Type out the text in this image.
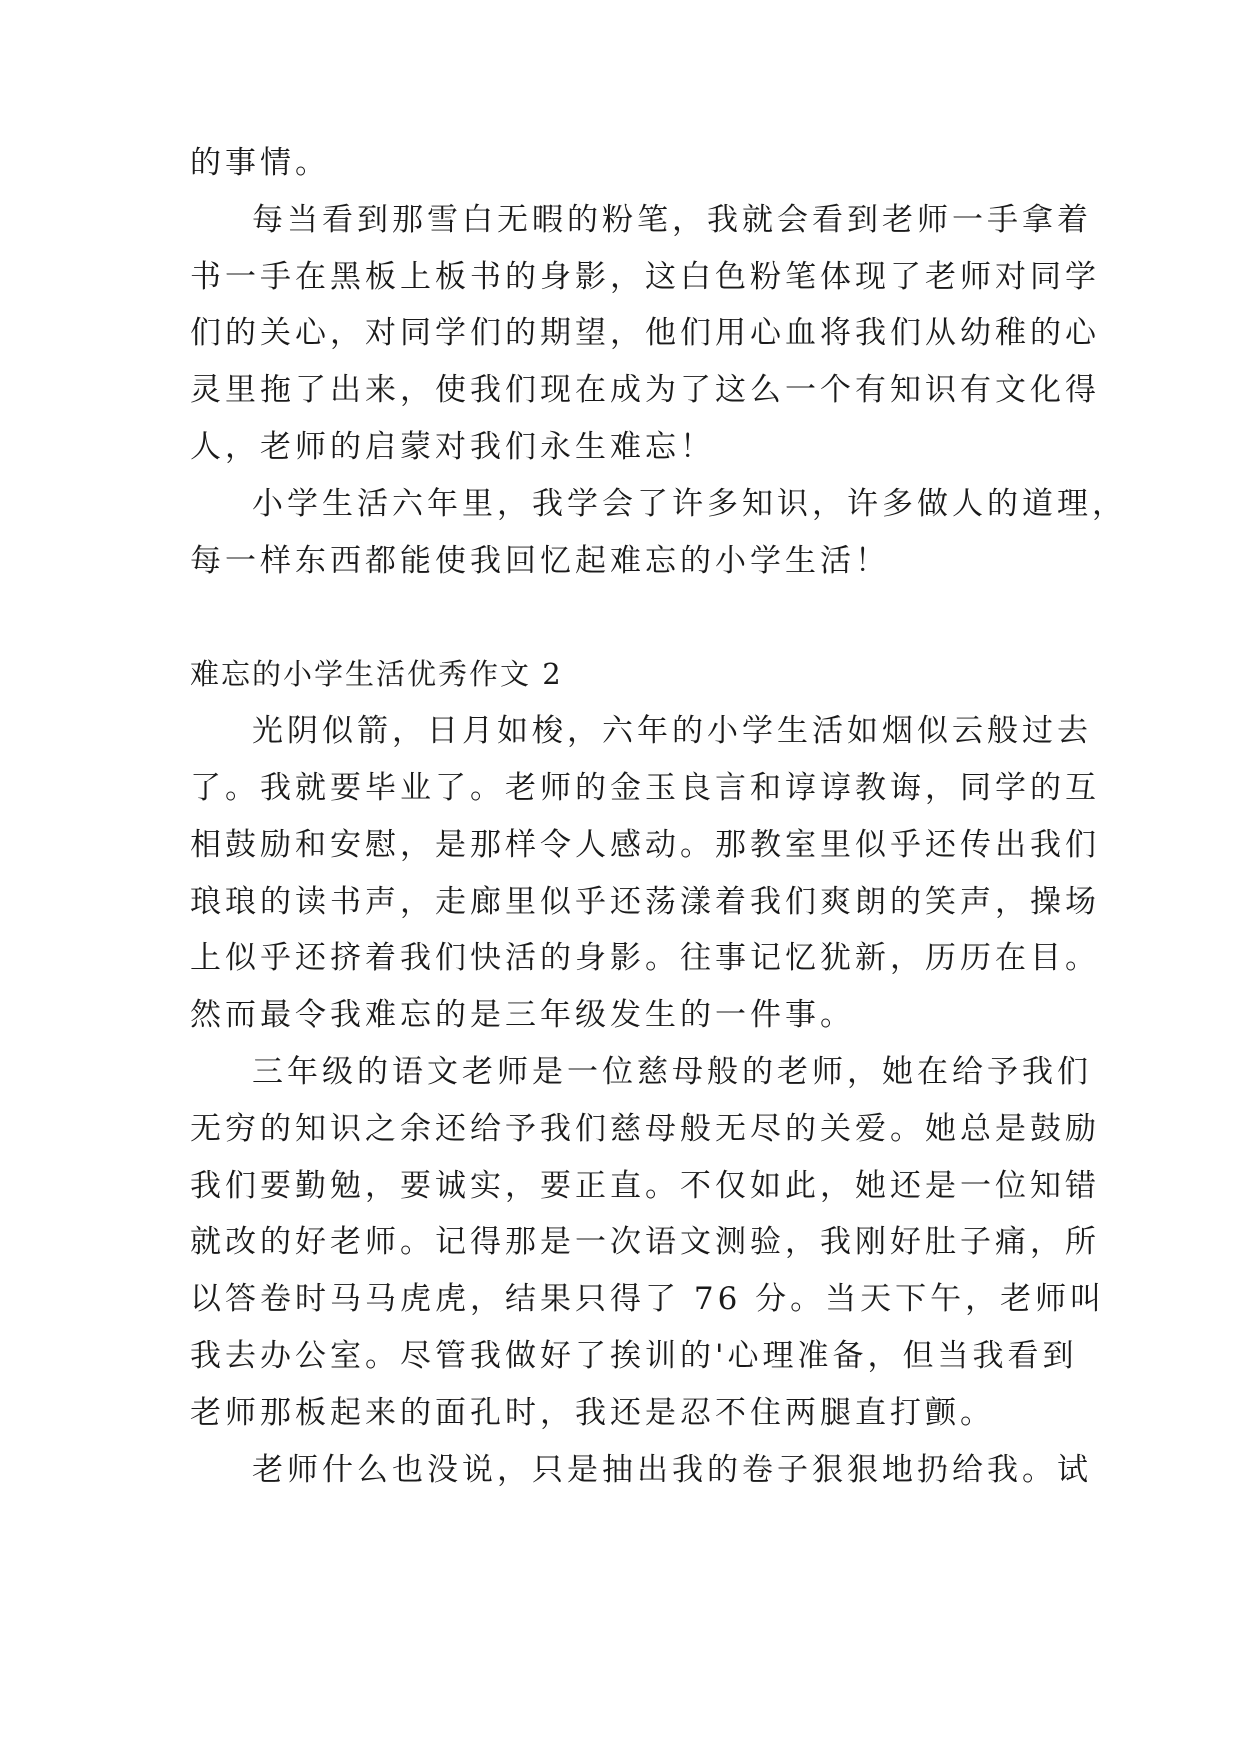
的事情。
每当看到那雪白无暇的粉笔，我就会看到老师一手拿着
书一手在黑板上板书的身影，这白色粉笔体现了老师对同学
们的关心，对同学们的期望，他们用心血将我们从幼稚的心
灵里拖了出来，使我们现在成为了这么一个有知识有文化得
人，老师的启蒙对我们永生难忘！
小学生活六年里，我学会了许多知识，许多做人的道理，
每一样东西都能使我回忆起难忘的小学生活！
难忘的小学生活优秀作文 2
光阴似箭，日月如梭，六年的小学生活如烟似云般过去
了。我就要毕业了。老师的金玉良言和谆谆教诲，同学的互
相鼓励和安慰，是那样令人感动。那教室里似乎还传出我们
琅琅的读书声，走廊里似乎还荡漾着我们爽朗的笑声，操场
上似乎还挤着我们快活的身影。往事记忆犹新，历历在目。
然而最令我难忘的是三年级发生的一件事。
三年级的语文老师是一位慈母般的老师，她在给予我们
无穷的知识之余还给予我们慈母般无尽的关爱。她总是鼓励
我们要勤勉，要诚实，要正直。不仅如此，她还是一位知错
就改的好老师。记得那是一次语文测验，我刚好肚子痛，所
以答卷时马马虎虎，结果只得了 76 分。当天下午，老师叫
我去办公室。尽管我做好了挨训的'心理准备，但当我看到
老师那板起来的面孔时，我还是忍不住两腿直打颤。
老师什么也没说，只是抽出我的卷子狠狠地扔给我。试
